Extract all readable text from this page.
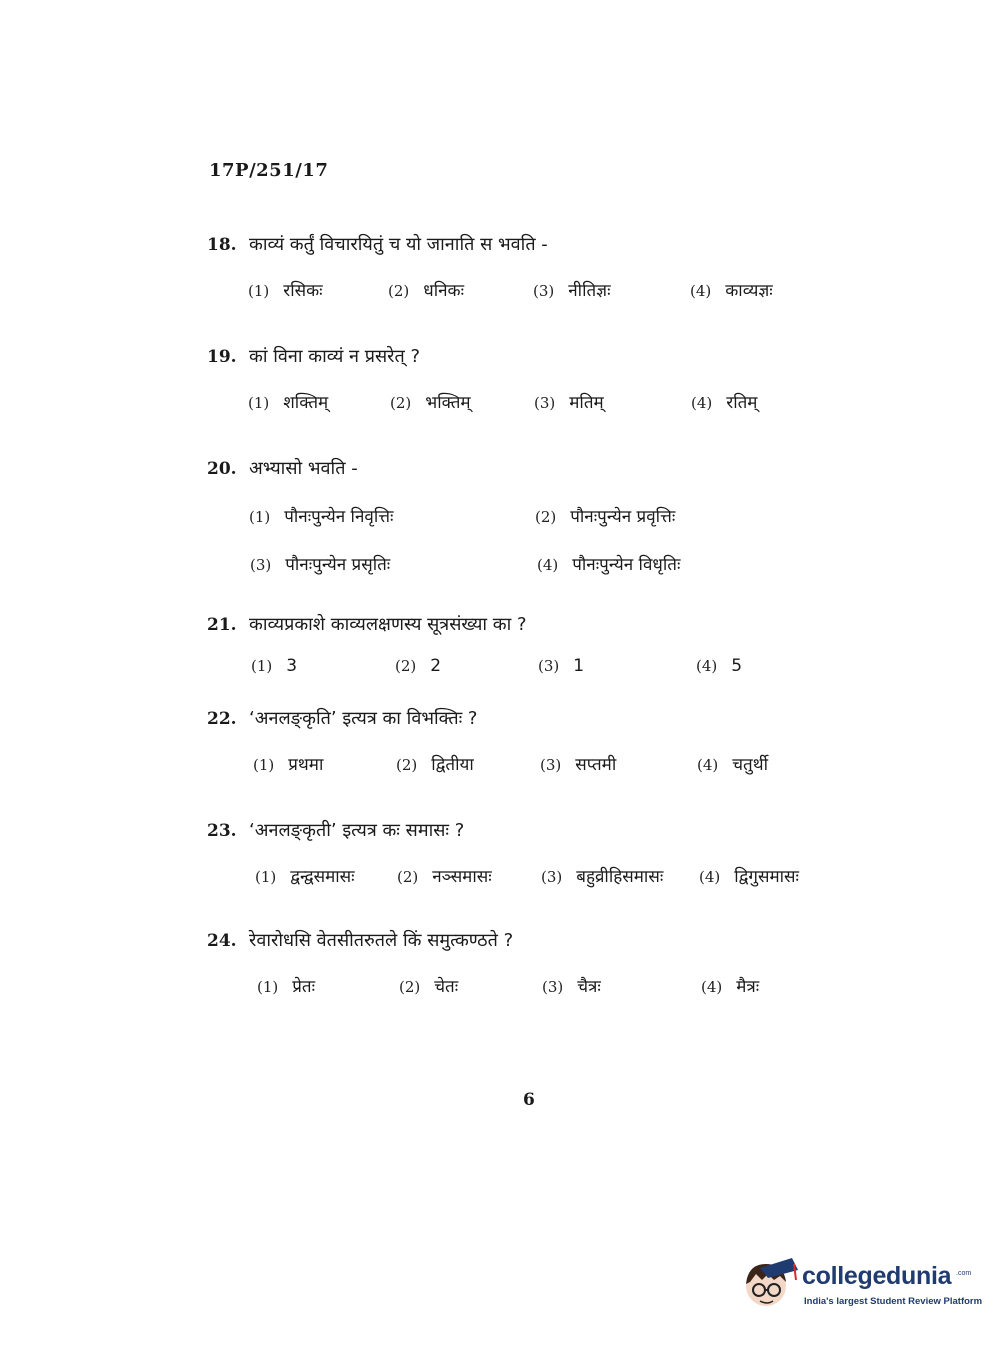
17P/251/17
18. काव्यं कर्तुं विचारयितुं च यो जानाति स भवति -
(1) रसिकः	(2) धनिकः	(3) नीतिज्ञः	(4) काव्यज्ञः
19. कां विना काव्यं न प्रसरेत् ?
(1) शक्तिम्	(2) भक्तिम्	(3) मतिम्	(4) रतिम्
20. अभ्यासो भवति -
(1) पौनःपुन्येन निवृत्तिः	(2) पौनःपुन्येन प्रवृत्तिः
(3) पौनःपुन्येन प्रसृतिः	(4) पौनःपुन्येन विधृतिः
21. काव्यप्रकाशे काव्यलक्षणस्य सूत्रसंख्या का ?
(1) 3	(2) 2	(3) 1	(4) 5
22. ‘अनलङ्कृति’ इत्यत्र का विभक्तिः ?
(1) प्रथमा	(2) द्वितीया	(3) सप्तमी	(4) चतुर्थी
23. ‘अनलङ्कृती’ इत्यत्र कः समासः ?
(1) द्वन्द्वसमासः	(2) नञ्समासः	(3) बहुव्रीहिसमासः (4) द्विगुसमासः
24. रेवारोधसि वेतसीतरुतले किं समुत्कण्ठते ?
(1) प्रेतः	(2) चेतः	(3) चैत्रः	(4) मैत्रः
6
collegedunia .com
India's largest Student Review Platform
